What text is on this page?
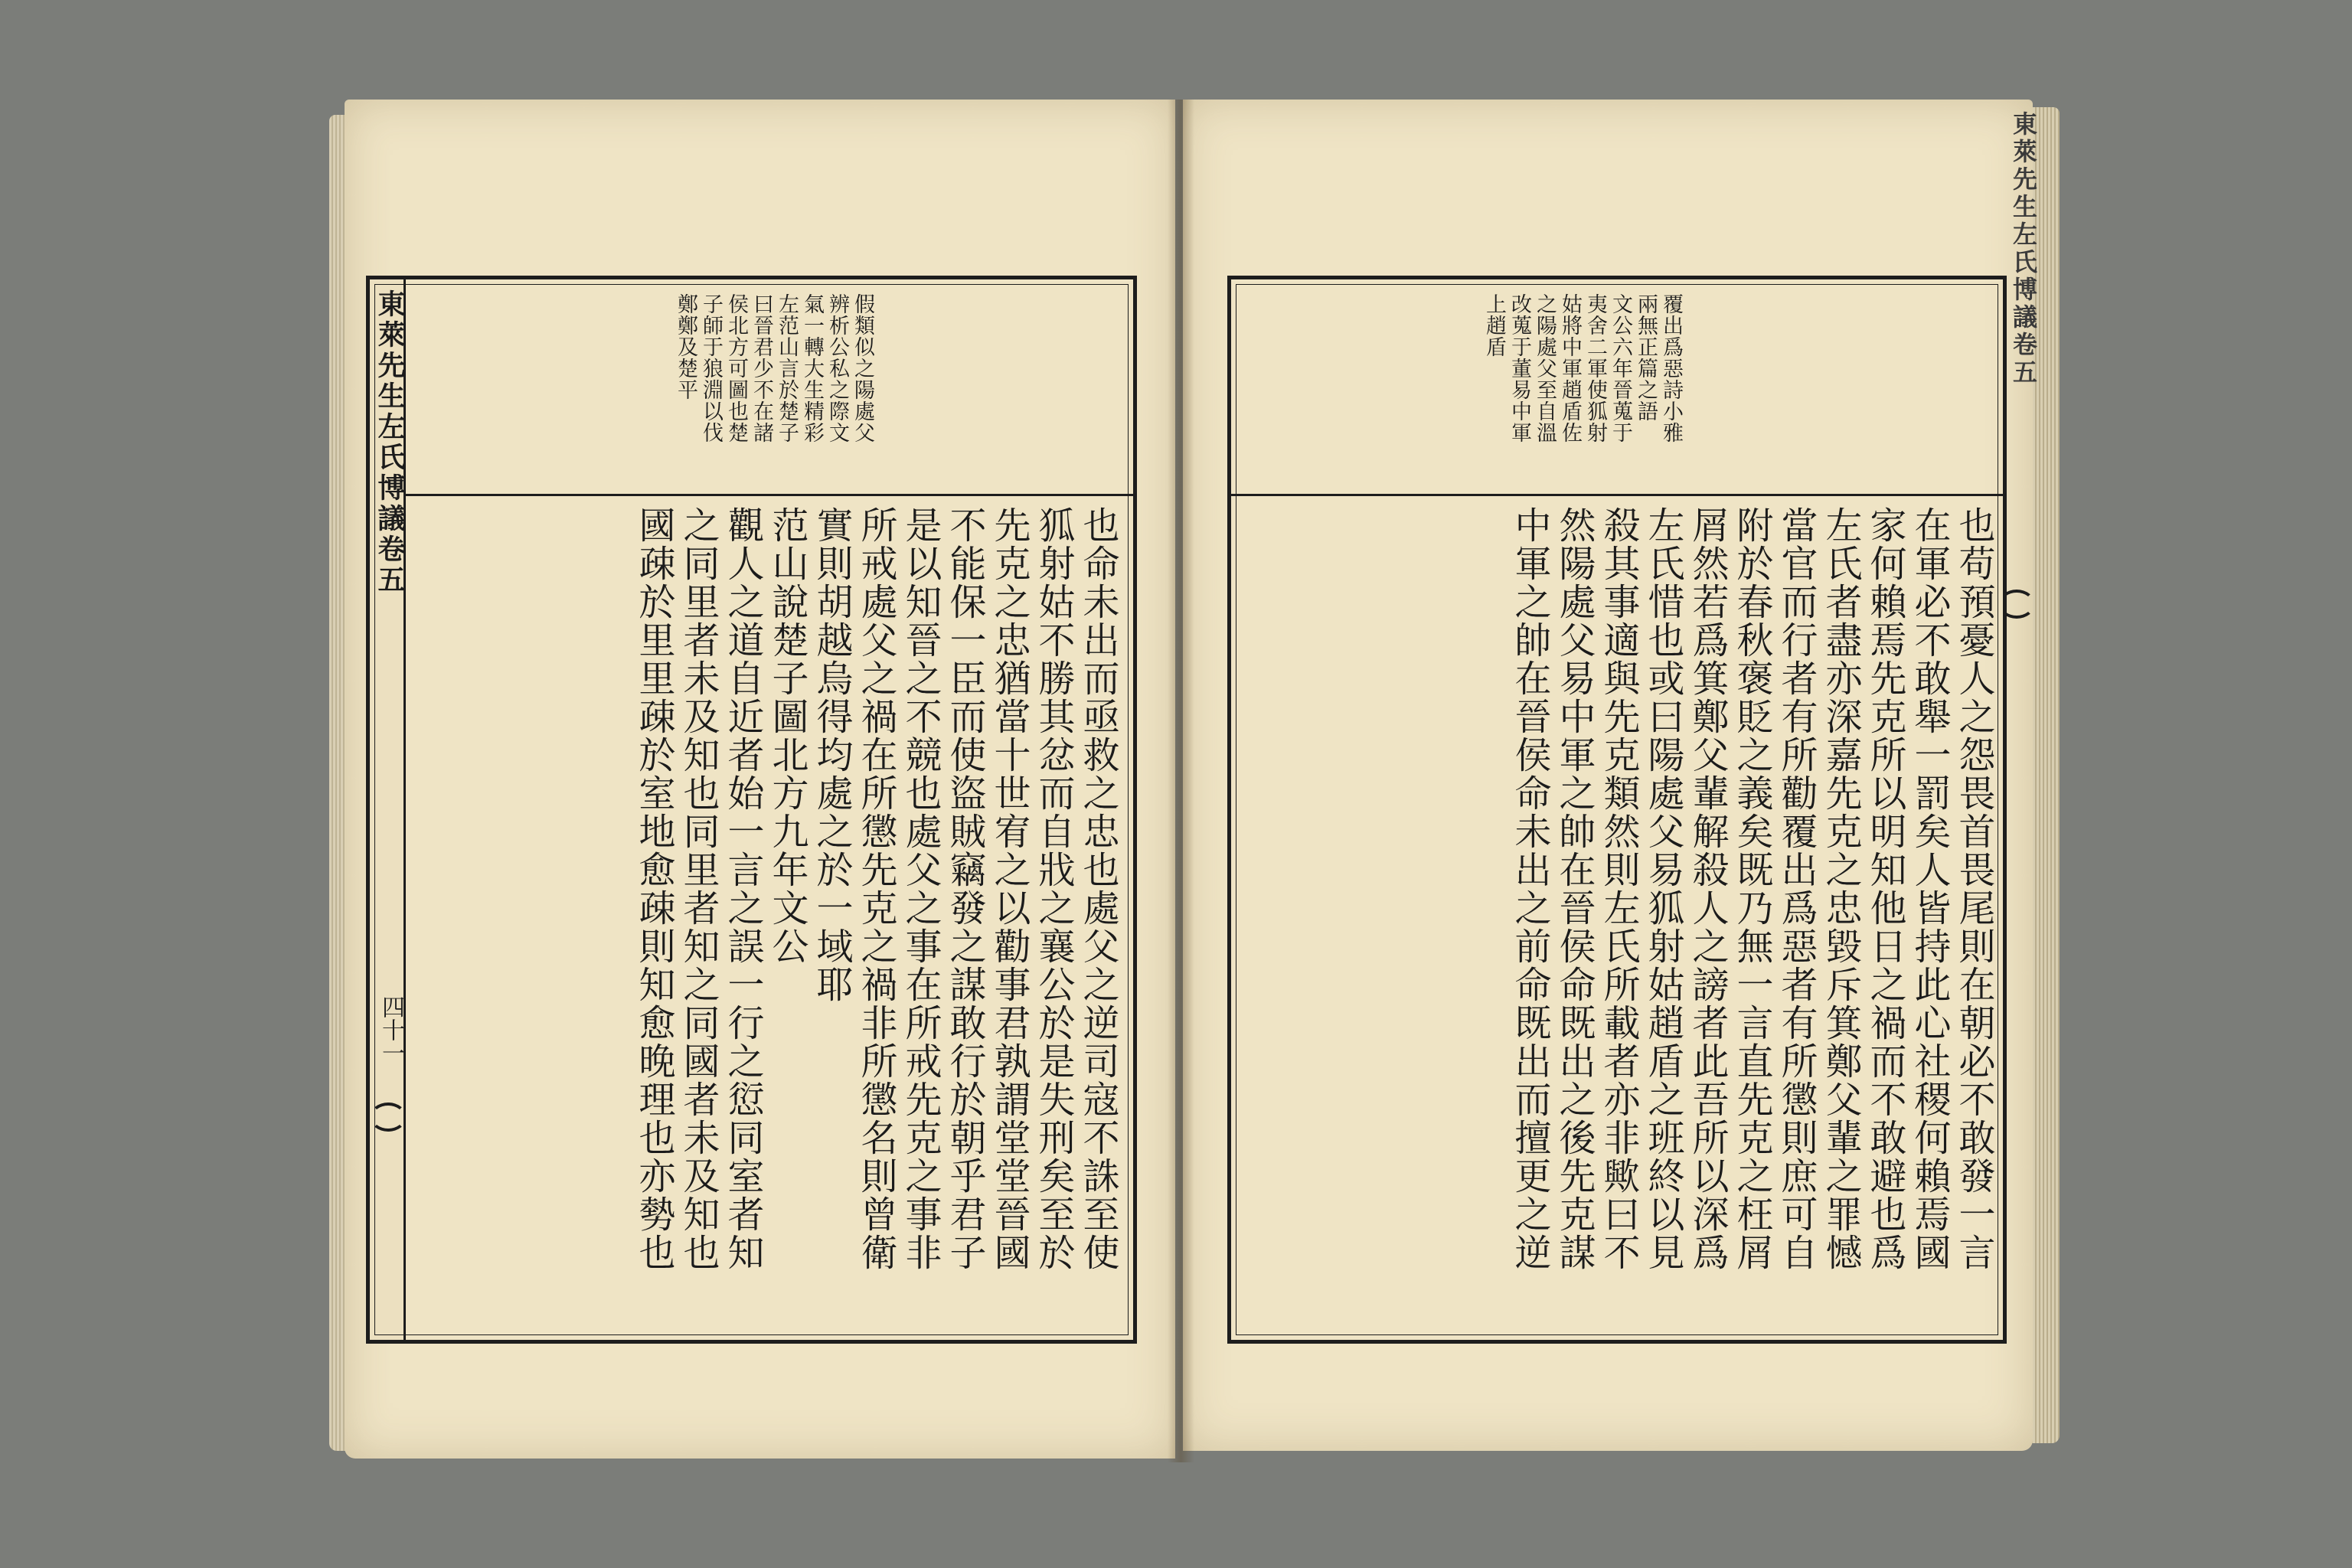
假類似之陽處父
辨析公私之際文
氣一轉大生精彩
左范山言於楚子
曰晉君少不在諸
侯北方可圖也楚
子師于狼淵以伐
鄭鄭及楚平
也命未出而亟救之忠也處父之逆司寇不誅至使
狐射姑不勝其忿而自戕之襄公於是失刑矣至於
先克之忠猶當十世宥之以勸事君孰謂堂堂晉國
不能保一臣而使盜賊竊發之謀敢行於朝乎君子
是以知晉之不競也處父之事在所戒先克之事非
所戒處父之禍在所懲先克之禍非所懲名則曾衛
實則胡越烏得均處之於一域耶
范山說楚子圖北方九年文公
觀人之道自近者始一言之誤一行之愆同室者知
之同里者未及知也同里者知之同國者未及知也
國疎於里里疎於室地愈疎則知愈晚理也亦勢也
東萊先生左氏博議卷五
四十一
覆出爲惡詩小雅
兩無正篇之語
文公六年晉蒐于
夷舍二軍使狐射
姑將中軍趙盾佐
之陽處父至自溫
改蒐于董易中軍
上趙盾
也苟預憂人之怨畏首畏尾則在朝必不敢發一言
在軍必不敢舉一罰矣人皆持此心社稷何賴焉國
家何賴焉先克所以明知他日之禍而不敢避也爲
左氏者盡亦深嘉先克之忠毀斥箕鄭父輩之罪憾
當官而行者有所勸覆出爲惡者有所懲則庶可自
附於春秋褒貶之義矣既乃無一言直先克之枉屑
屑然若爲箕鄭父輩解殺人之謗者此吾所以深爲
左氏惜也或曰陽處父易狐射姑趙盾之班終以見
殺其事適與先克類然則左氏所載者亦非歟曰不
然陽處父易中軍之帥在晉侯命既出之後先克謀
中軍之帥在晉侯命未出之前命既出而擅更之逆
東萊先生左氏博議卷五
